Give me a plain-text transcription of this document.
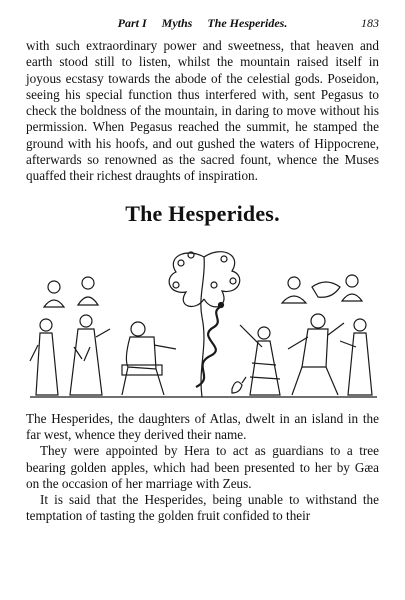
Part I Myths The Hesperides.	183

with such extraordinary power and sweetness, that heaven and earth stood still to listen, whilst the mountain raised itself in joyous ecstasy towards the abode of the celestial gods. Poseidon, seeing his special function thus interfered with, sent Pegasus to check the boldness of the mountain, in daring to move without his permission. When Pegasus reached the summit, he stamped the ground with his hoofs, and out gushed the waters of Hippocrene, afterwards so renowned as the sacred fount, whence the Muses quaffed their richest draughts of inspiration.

The Hesperides.

The Hesperides, the daughters of Atlas, dwelt in an island in the far west, whence they derived their name.

They were appointed by Hera to act as guardians to a tree bearing golden apples, which had been presented to her by Gæa on the occasion of her marriage with Zeus.

It is said that the Hesperides, being unable to withstand the temptation of tasting the golden fruit confided to their
